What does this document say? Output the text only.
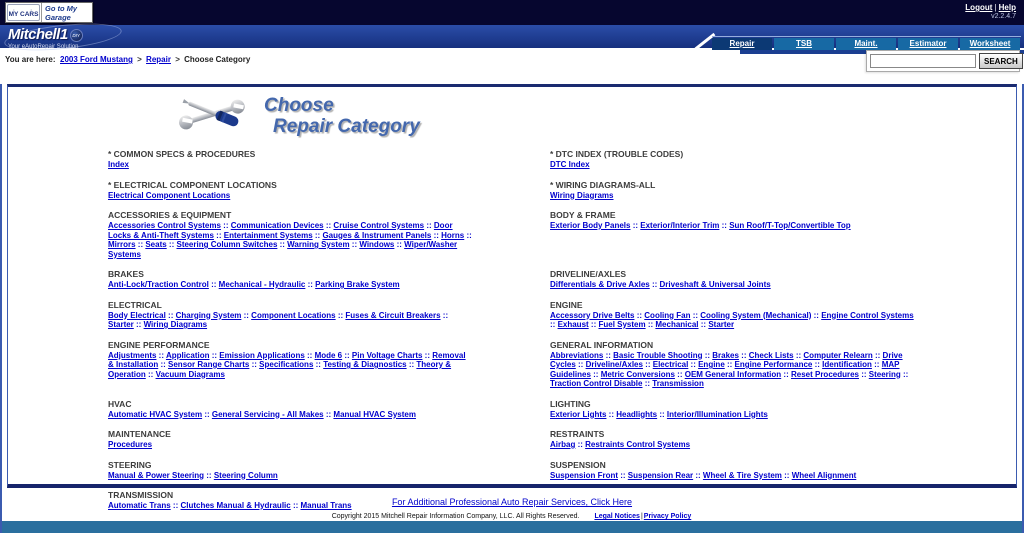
••
MY CARS
Go to My Garage
Logout | Help
v2.2.4.7
Mitchell1 DIY
Your eAutoRepair Solution	Repair	TSB	Maint.	Estimator	Worksheet
You are here: 2003 Ford Mustang > Repair > Choose Category	SEARCH
Choose
Repair Category
* COMMON SPECS & PROCEDURES
Index
* DTC INDEX (TROUBLE CODES)
DTC Index
* ELECTRICAL COMPONENT LOCATIONS
Electrical Component Locations
* WIRING DIAGRAMS-ALL
Wiring Diagrams
ACCESSORIES & EQUIPMENT
Accessories Control Systems :: Communication Devices :: Cruise Control Systems :: Door Locks & Anti-Theft Systems :: Entertainment Systems :: Gauges & Instrument Panels :: Horns :: Mirrors :: Seats :: Steering Column Switches :: Warning System :: Windows :: Wiper/Washer Systems
BODY & FRAME
Exterior Body Panels :: Exterior/Interior Trim :: Sun Roof/T-Top/Convertible Top
BRAKES
Anti-Lock/Traction Control :: Mechanical - Hydraulic :: Parking Brake System
DRIVELINE/AXLES
Differentials & Drive Axles :: Driveshaft & Universal Joints
ELECTRICAL
Body Electrical :: Charging System :: Component Locations :: Fuses & Circuit Breakers :: Starter :: Wiring Diagrams
ENGINE
Accessory Drive Belts :: Cooling Fan :: Cooling System (Mechanical) :: Engine Control Systems :: Exhaust :: Fuel System :: Mechanical :: Starter
ENGINE PERFORMANCE
Adjustments :: Application :: Emission Applications :: Mode 6 :: Pin Voltage Charts :: Removal & Installation :: Sensor Range Charts :: Specifications :: Testing & Diagnostics :: Theory & Operation :: Vacuum Diagrams
GENERAL INFORMATION
Abbreviations :: Basic Trouble Shooting :: Brakes :: Check Lists :: Computer Relearn :: Drive Cycles :: Driveline/Axles :: Electrical :: Engine :: Engine Performance :: Identification :: MAP Guidelines :: Metric Conversions :: OEM General Information :: Reset Procedures :: Steering :: Traction Control Disable :: Transmission
HVAC
Automatic HVAC System :: General Servicing - All Makes :: Manual HVAC System
LIGHTING
Exterior Lights :: Headlights :: Interior/Illumination Lights
MAINTENANCE
Procedures
RESTRAINTS
Airbag :: Restraints Control Systems
STEERING
Manual & Power Steering :: Steering Column
SUSPENSION
Suspension Front :: Suspension Rear :: Wheel & Tire System :: Wheel Alignment
TRANSMISSION
Automatic Trans :: Clutches Manual & Hydraulic :: Manual Trans	For Additional Professional Auto Repair Services, Click Here
Copyright 2015 Mitchell Repair Information Company, LLC. All Rights Reserved. Legal Notices|Privacy Policy
